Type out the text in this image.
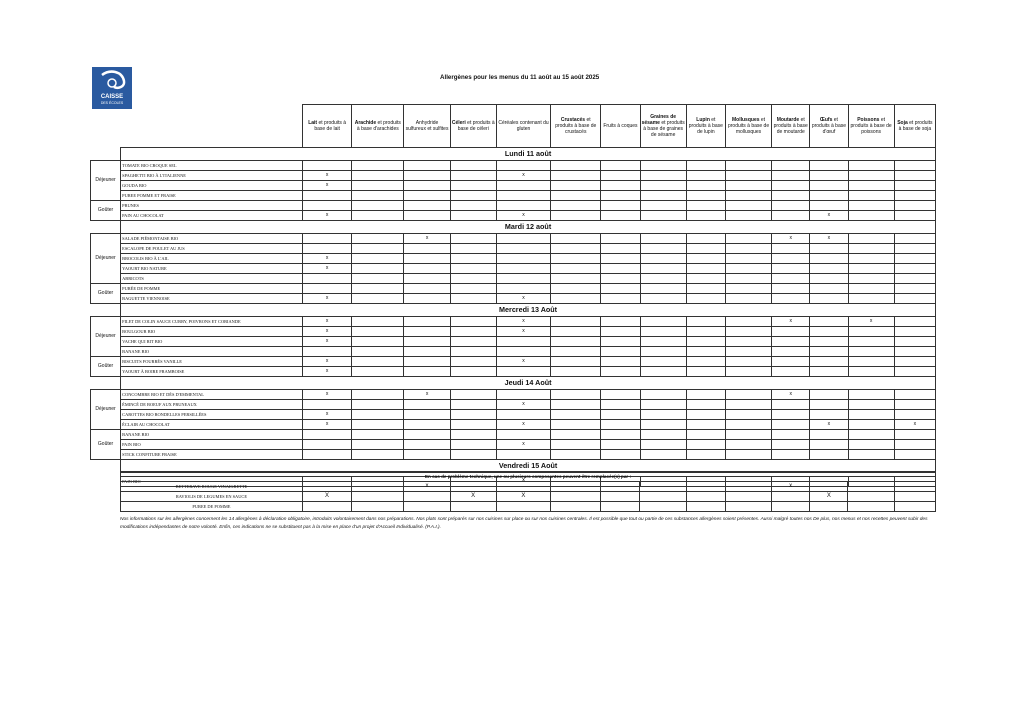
CAISSE
DES ÉCOLES
Allergènes pour les menus du 11 août au 15 août 2025
		Lait et produits à base de lait	Arachide et produits à base d'arachides	Anhydride sulfureux et sulfites	Céleri et produits à base de céleri	Céréales contenant du gluten	Crustacés et produits à base de crustacés	Fruits à coques	Graines de sésame et produits à base de graines de sésame	Lupin et produits à base de lupin	Mollusques et produits à base de mollusques	Moutarde et produits à base de moutarde	Œufs et produits à base d'œuf	Poissons et produits à base de poissons	Soja et produits à base de soja
	Lundi 11 août														
Déjeuner	TOMATE BIO CROQUE SEL														
	SPAGHETTI BIO À L'ITALIENNE	x				x									
	GOUDA BIO	x													
	PUREE POMME ET FRAISE														
Goûter	PRUNES														
	PAIN AU CHOCOLAT	x				x							x		
	Mardi 12 août														
Déjeuner	SALADE PIÉMONTAISE BIO			x								x	x		
	ESCALOPE DE POULET AU JUS														
	BROCOLIS BIO À L'AIL	x													
	YAOURT BIO NATURE	x													
	ABRICOTS														
Goûter	PURÉE DE POMME														
	BAGUETTE VIENNOISE	x				x									
	Mercredi 13 Août														
Déjeuner	FILET DE COLIN SAUCE CURRY, POIVRONS ET CORIANDE	x				x						x		x	
	BOULGOUR BIO	x				x									
	VACHE QUI RIT BIO	x													
	BANANE BIO														
Goûter	BISCUITS FOURRÉS VANILLE	x				x									
	YAOURT À BOIRE FRAMBOISE	x													
	Jeudi 14 Août														
Déjeuner	CONCOMBRE BIO ET DÉS D'EMMENTAL	x		x								x			
	ÉMINCÉ DE BOEUF AUX PRUNEAUX					x									
	CAROTTES BIO RONDELLES PERSILLÉES	x													
	ÉCLAIR AU CHOCOLAT	x				x							x		x
Goûter	BANANE BIO														
	PAIN BIO					x									
	STICK CONFITURE FRAISE														
	Vendredi 15 Août														

	PAIN BIO					X									
En cas de problème technique, une ou plusieurs composantes peuvent être remplacée(s) par :														
BETTERAVE ROUGE VINAIGRETTE			x								x			
RAVIOLIS DE LEGUMES EN SAUCE	X			X	X							X		
PUREE DE POMME														
Nos informations sur les allergènes concernent les 14 allergènes à déclaration obligatoire, introduits volontairement dans nos préparations. Nos plats sont préparés sur nos cuisines sur place ou sur nos cuisines centrales. Il est possible que tout ou partie de ces substances allergènes soient présentes. Aussi malgré toutes nos De plus, nos menus et nos recettes peuvent subir des modifications indépendantes de notre volonté. Enfin, ces indications ne se substituent pas à la mise en place d'un projet d'Accueil Individualisé. (P.A.I.).
